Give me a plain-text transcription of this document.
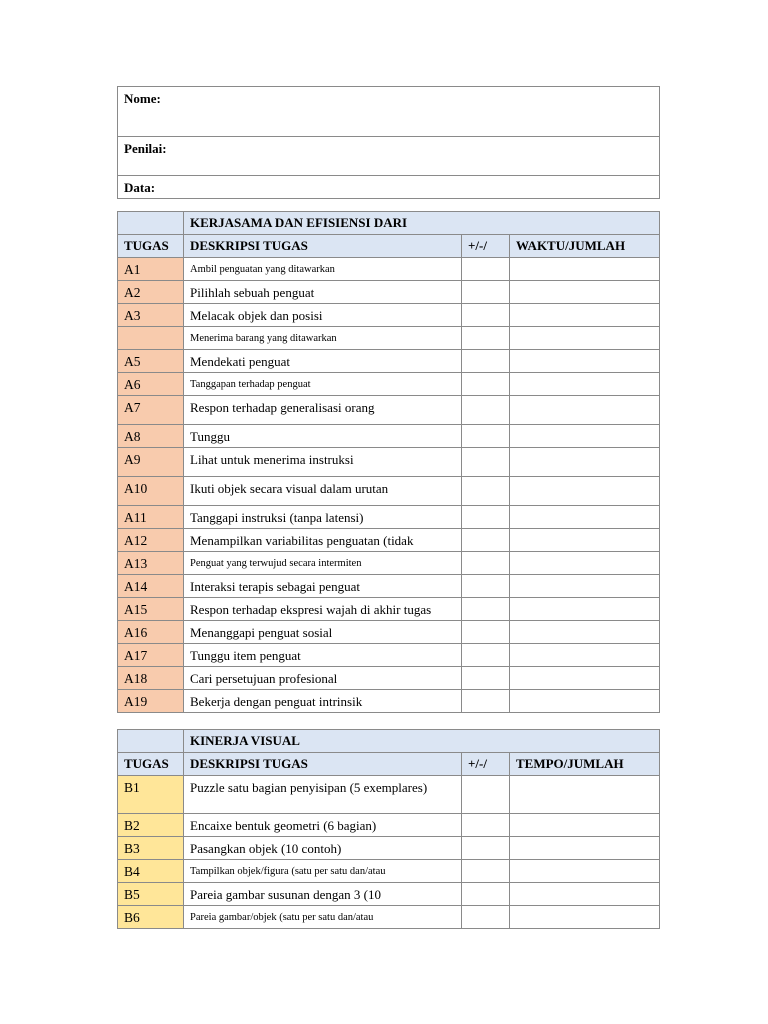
Nome:
Penilai:
Data:
	KERJASAMA DAN EFISIENSI DARI		
TUGAS	DESKRIPSI TUGAS	+/-/	WAKTU/JUMLAH
A1	Ambil penguatan yang ditawarkan		
A2	Pilihlah sebuah penguat		
A3	Melacak objek dan posisi		
	Menerima barang yang ditawarkan		
A5	Mendekati penguat		
A6	Tanggapan terhadap penguat		
A7	Respon terhadap generalisasi orang		
A8	Tunggu		
A9	Lihat untuk menerima instruksi		
A10	Ikuti objek secara visual dalam urutan		
A11	Tanggapi instruksi (tanpa latensi)		
A12	Menampilkan variabilitas penguatan (tidak		
A13	Penguat yang terwujud secara intermiten		
A14	Interaksi terapis sebagai penguat		
A15	Respon terhadap ekspresi wajah di akhir tugas		
A16	Menanggapi penguat sosial		
A17	Tunggu item penguat		
A18	Cari persetujuan profesional		
A19	Bekerja dengan penguat intrinsik		
	KINERJA VISUAL		
TUGAS	DESKRIPSI TUGAS	+/-/	TEMPO/JUMLAH
B1	Puzzle satu bagian penyisipan (5 exemplares)		
B2	Encaixe bentuk geometri (6 bagian)		
B3	Pasangkan objek (10 contoh)		
B4	Tampilkan objek/figura (satu per satu dan/atau		
B5	Pareia gambar susunan dengan 3 (10		
B6	Pareia gambar/objek (satu per satu dan/atau		
